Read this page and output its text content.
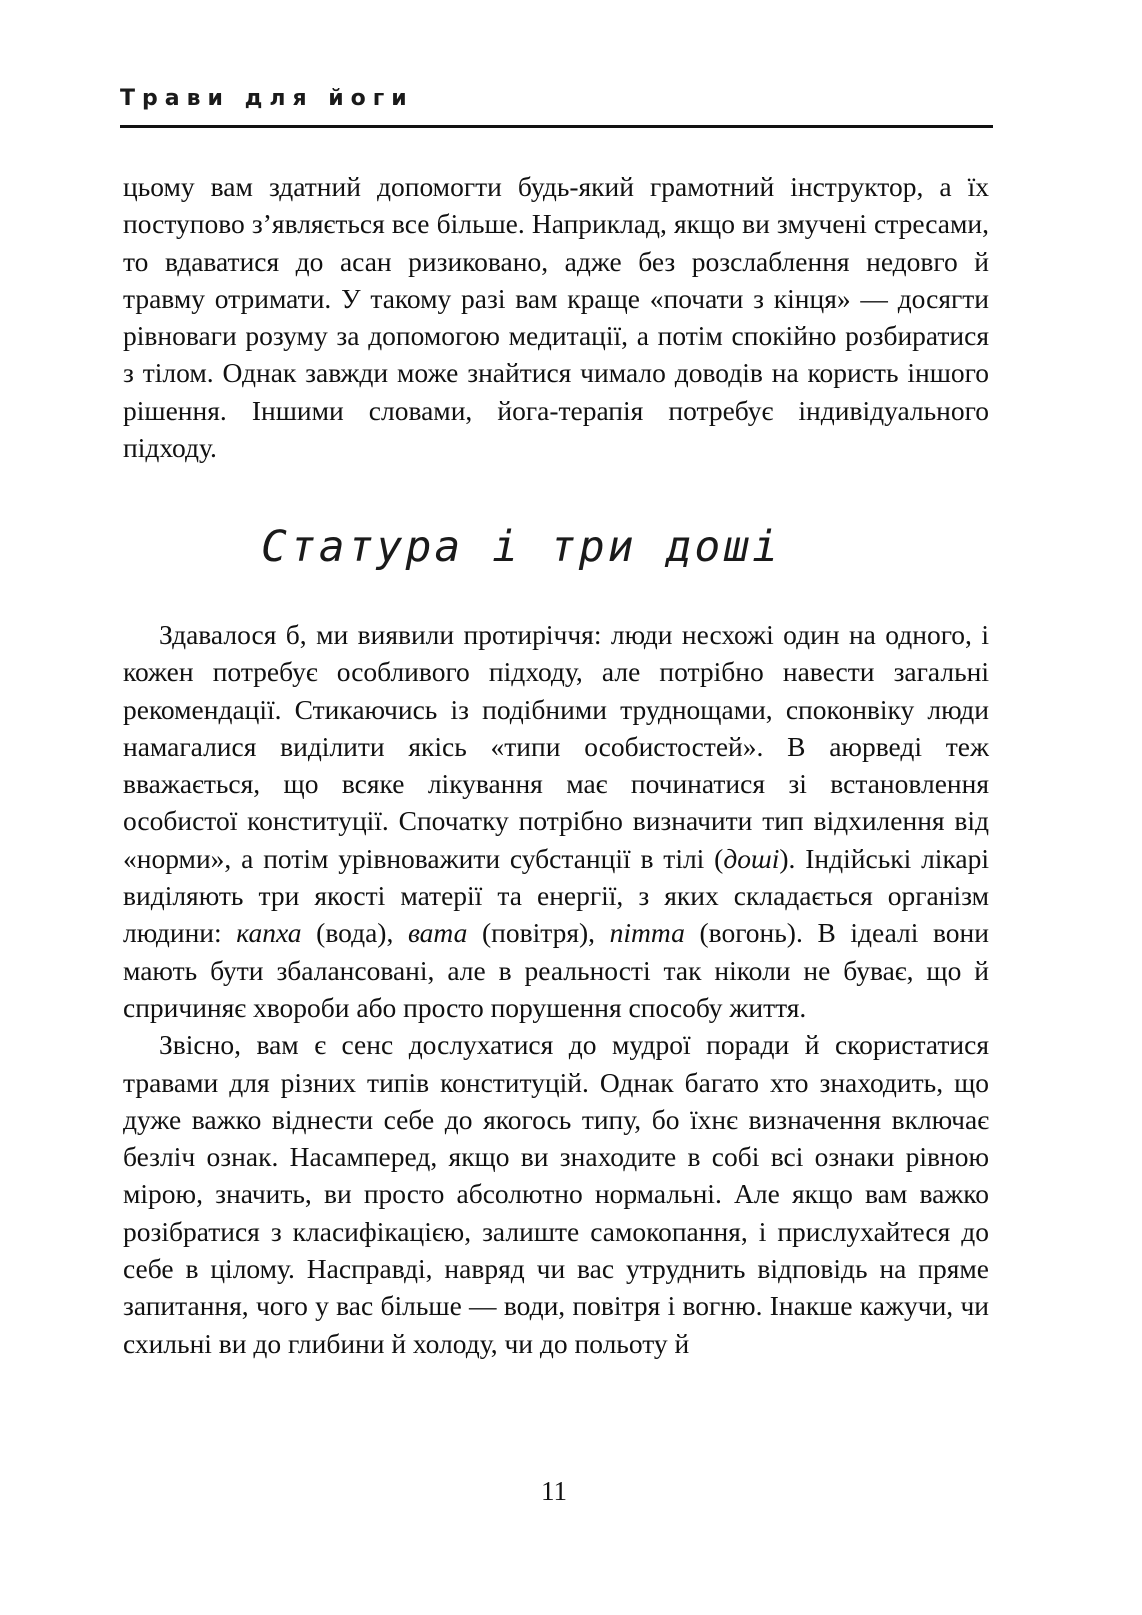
Трави для йоги

цьому вам здатний допомогти будь-який грамотний інструктор, а їх поступово з’являється все більше. Наприклад, якщо ви змучені стресами, то вдаватися до асан ризиковано, адже без розслаблення недовго й травму отримати. У такому разі вам краще «почати з кінця» — досягти рівноваги розуму за допомогою медитації, а потім спокійно розбиратися з тілом. Однак завжди може знайтися чимало доводів на користь іншого рішення. Іншими словами, йога-терапія потребує індивідуального підходу.

Статура і три доші

Здавалося б, ми виявили протиріччя: люди несхожі один на одного, і кожен потребує особливого підходу, але потрібно навести загальні рекомендації. Стикаючись із подібними труднощами, споконвіку люди намагалися виділити якісь «типи особистостей». В аюрведі теж вважається, що всяке лікування має починатися зі встановлення особистої конституції. Спочатку потрібно визначити тип відхилення від «норми», а потім урівноважити субстанції в тілі (доші). Індійські лікарі виділяють три якості матерії та енергії, з яких складається організм людини: капха (вода), вата (повітря), пітта (вогонь). В ідеалі вони мають бути збалансовані, але в реальності так ніколи не буває, що й спричиняє хвороби або просто порушення способу життя.

Звісно, вам є сенс дослухатися до мудрої поради й скористатися травами для різних типів конституцій. Однак багато хто знаходить, що дуже важко віднести себе до якогось типу, бо їхнє визначення включає безліч ознак. Насамперед, якщо ви знаходите в собі всі ознаки рівною мірою, значить, ви просто абсолютно нормальні. Але якщо вам важко розібратися з класифікацією, залиште самокопання, і прислухайтеся до себе в цілому. Насправді, навряд чи вас утруднить відповідь на пряме запитання, чого у вас більше — води, повітря і вогню. Інакше кажучи, чи схильні ви до глибини й холоду, чи до польоту й

11
